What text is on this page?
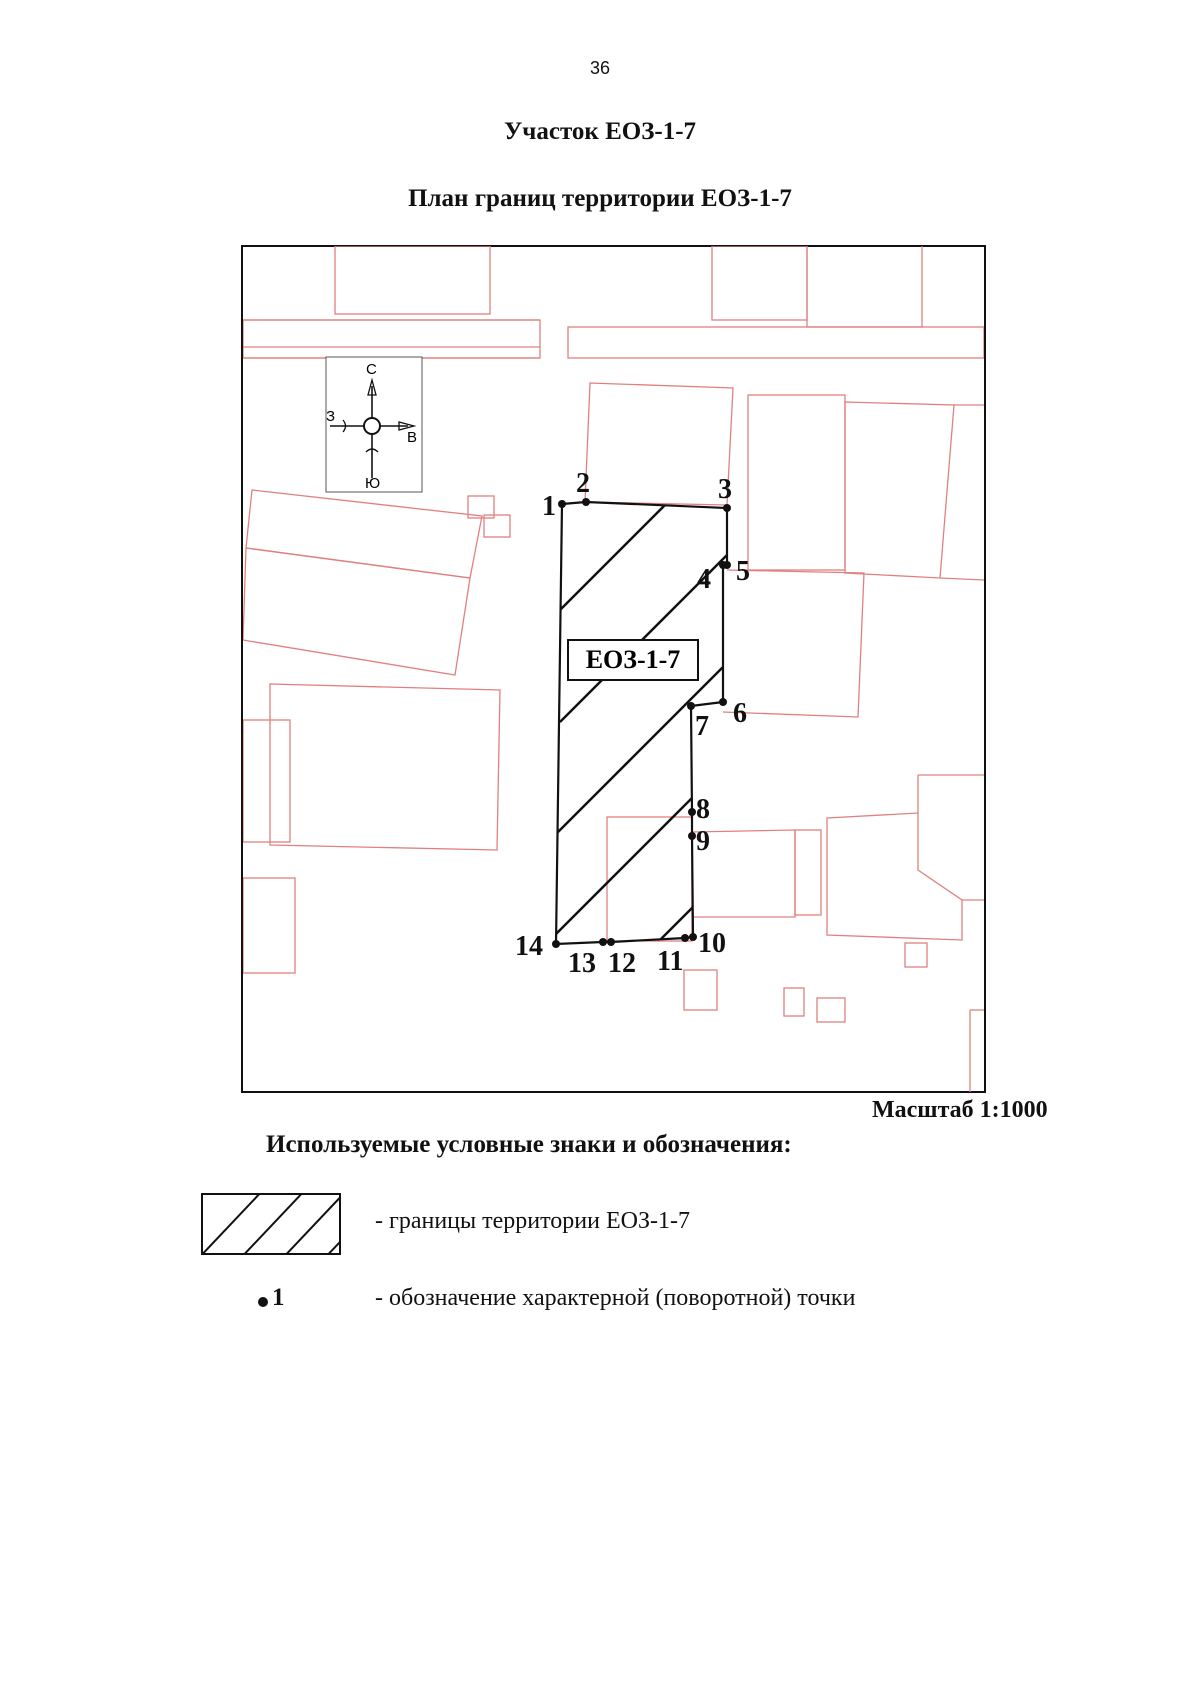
36
Участок ЕОЗ-1-7
План границ территории ЕОЗ-1-7
С
Ю
З
В
ЕОЗ-1-7
1
2	3
4 5
6
7
8
9
10
11
12
13
14
Масштаб 1:1000
Используемые условные знаки и обозначения:
- границы территории ЕОЗ-1-7
1	- обозначение характерной (поворотной) точки
